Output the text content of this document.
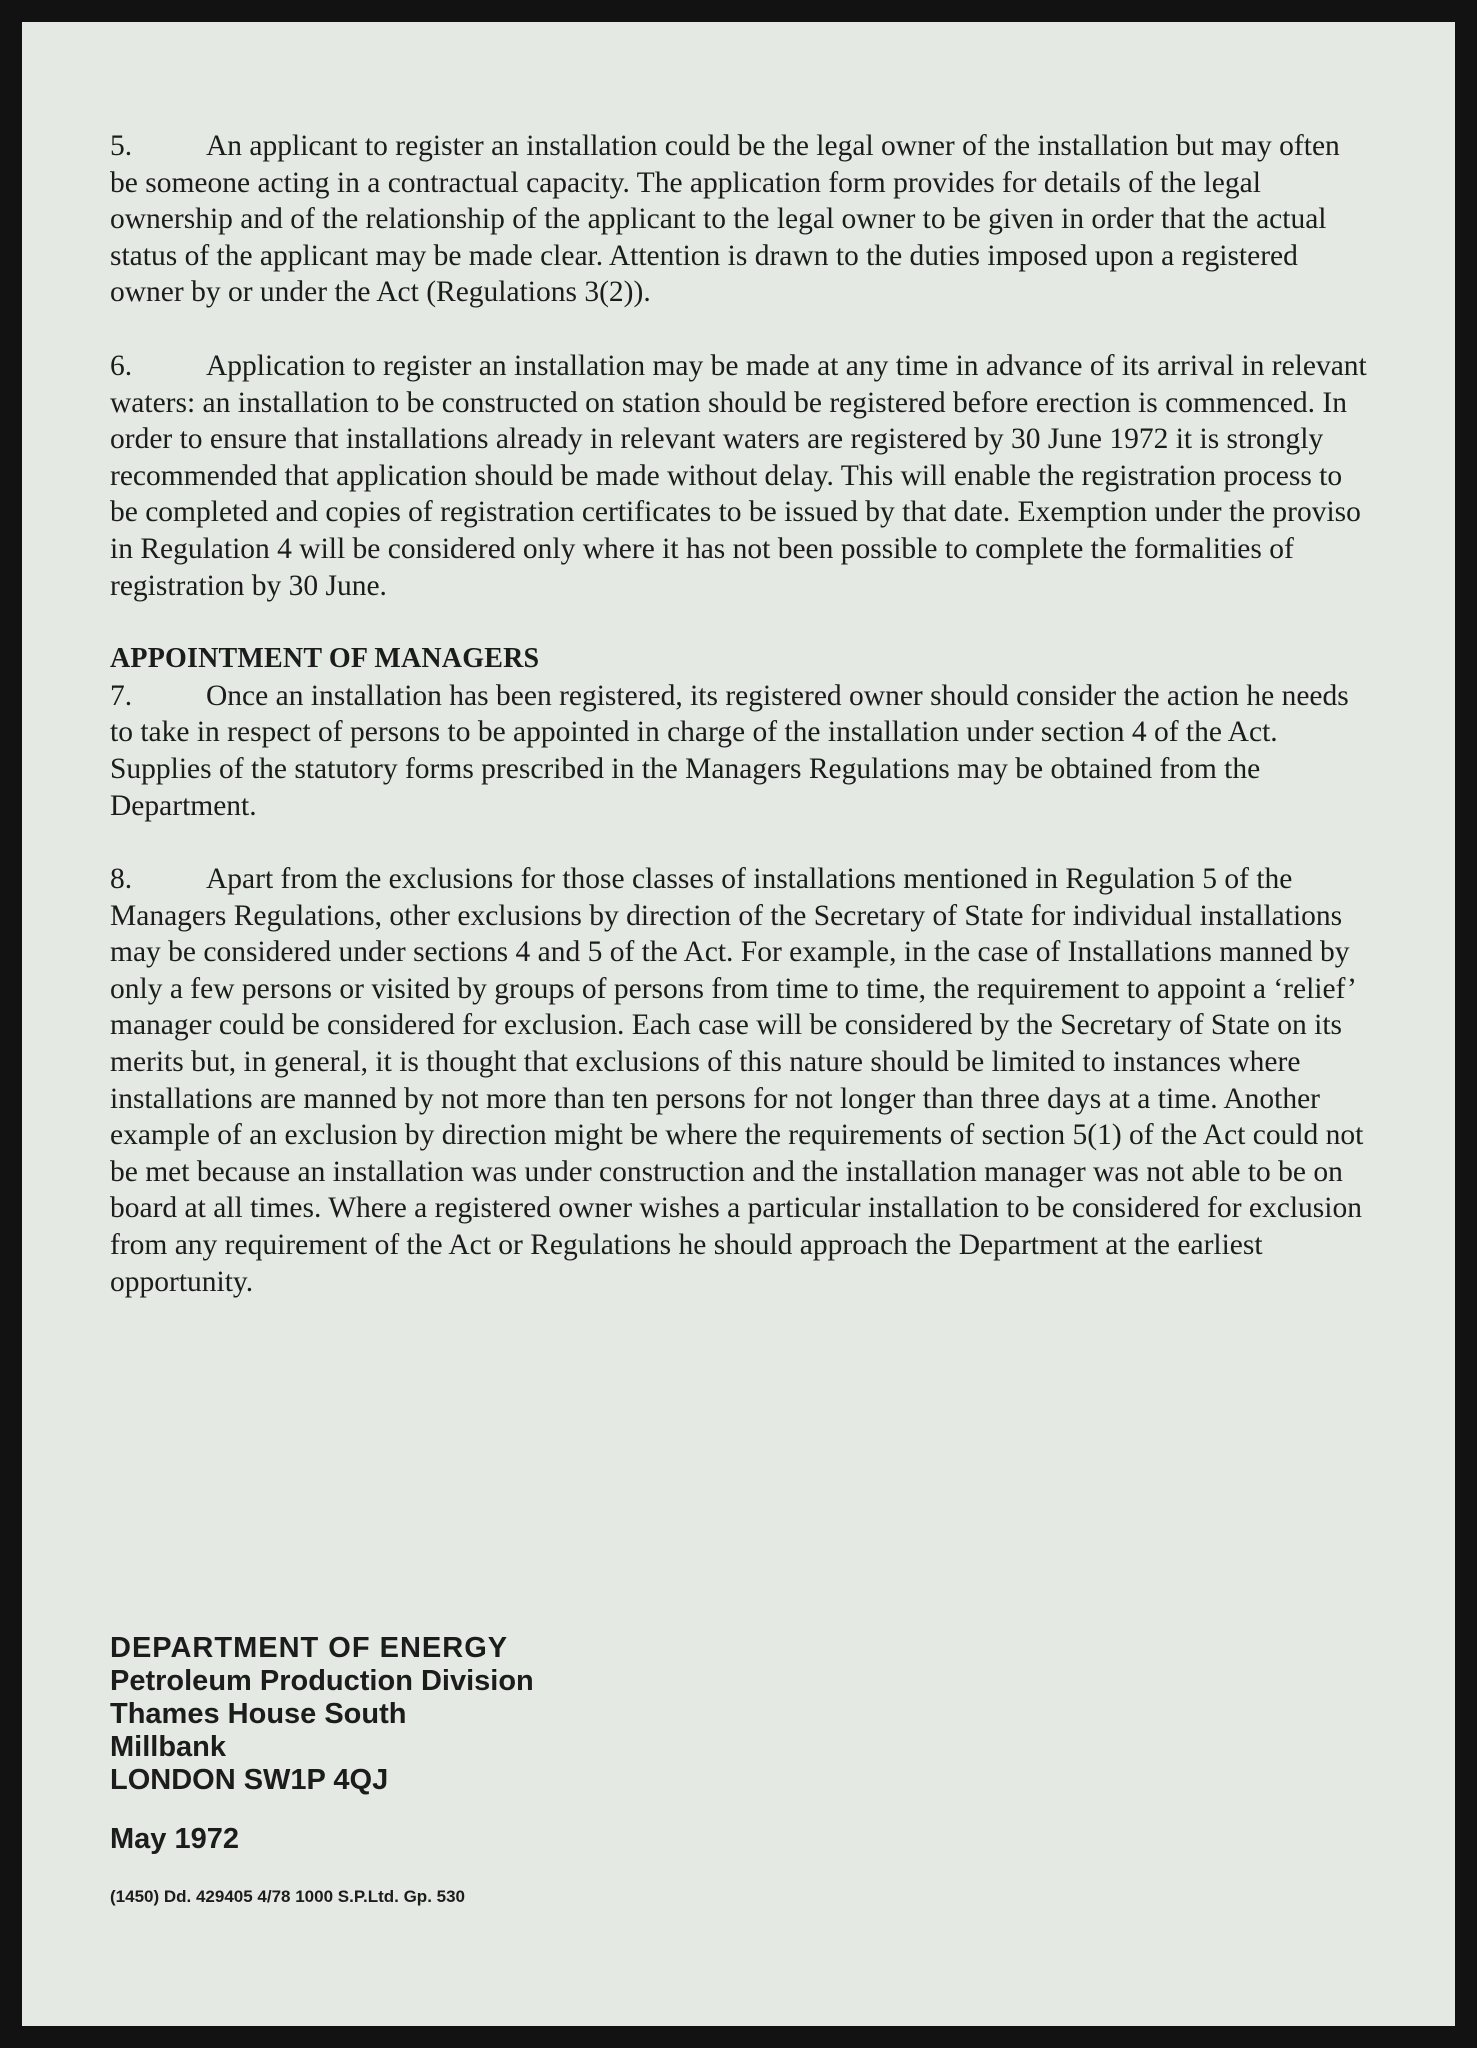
5.	An applicant to register an installation could be the legal owner of the installation but may often be someone acting in a contractual capacity. The application form provides for details of the legal ownership and of the relationship of the applicant to the legal owner to be given in order that the actual status of the applicant may be made clear. Attention is drawn to the duties imposed upon a registered owner by or under the Act (Regulations 3(2)).

6.	Application to register an installation may be made at any time in advance of its arrival in relevant waters: an installation to be constructed on station should be registered before erection is commenced. In order to ensure that installations already in relevant waters are registered by 30 June 1972 it is strongly recommended that application should be made without delay. This will enable the registration process to be completed and copies of registration certificates to be issued by that date. Exemption under the proviso in Regulation 4 will be considered only where it has not been possible to complete the formalities of registration by 30 June.

APPOINTMENT OF MANAGERS

7.	Once an installation has been registered, its registered owner should consider the action he needs to take in respect of persons to be appointed in charge of the installation under section 4 of the Act. Supplies of the statutory forms prescribed in the Managers Regulations may be obtained from the Department.

8.	Apart from the exclusions for those classes of installations mentioned in Regulation 5 of the Managers Regulations, other exclusions by direction of the Secretary of State for individual installations may be considered under sections 4 and 5 of the Act. For example, in the case of Installations manned by only a few persons or visited by groups of persons from time to time, the requirement to appoint a ‘relief’ manager could be considered for exclusion. Each case will be considered by the Secretary of State on its merits but, in general, it is thought that exclusions of this nature should be limited to instances where installations are manned by not more than ten persons for not longer than three days at a time. Another example of an exclusion by direction might be where the requirements of section 5(1) of the Act could not be met because an installation was under construction and the installation manager was not able to be on board at all times. Where a registered owner wishes a particular installation to be considered for exclusion from any requirement of the Act or Regulations he should approach the Department at the earliest opportunity.

DEPARTMENT OF ENERGY
Petroleum Production Division
Thames House South
Millbank
LONDON SW1P 4QJ
May 1972
(1450) Dd. 429405 4/78 1000 S.P.Ltd. Gp. 530
